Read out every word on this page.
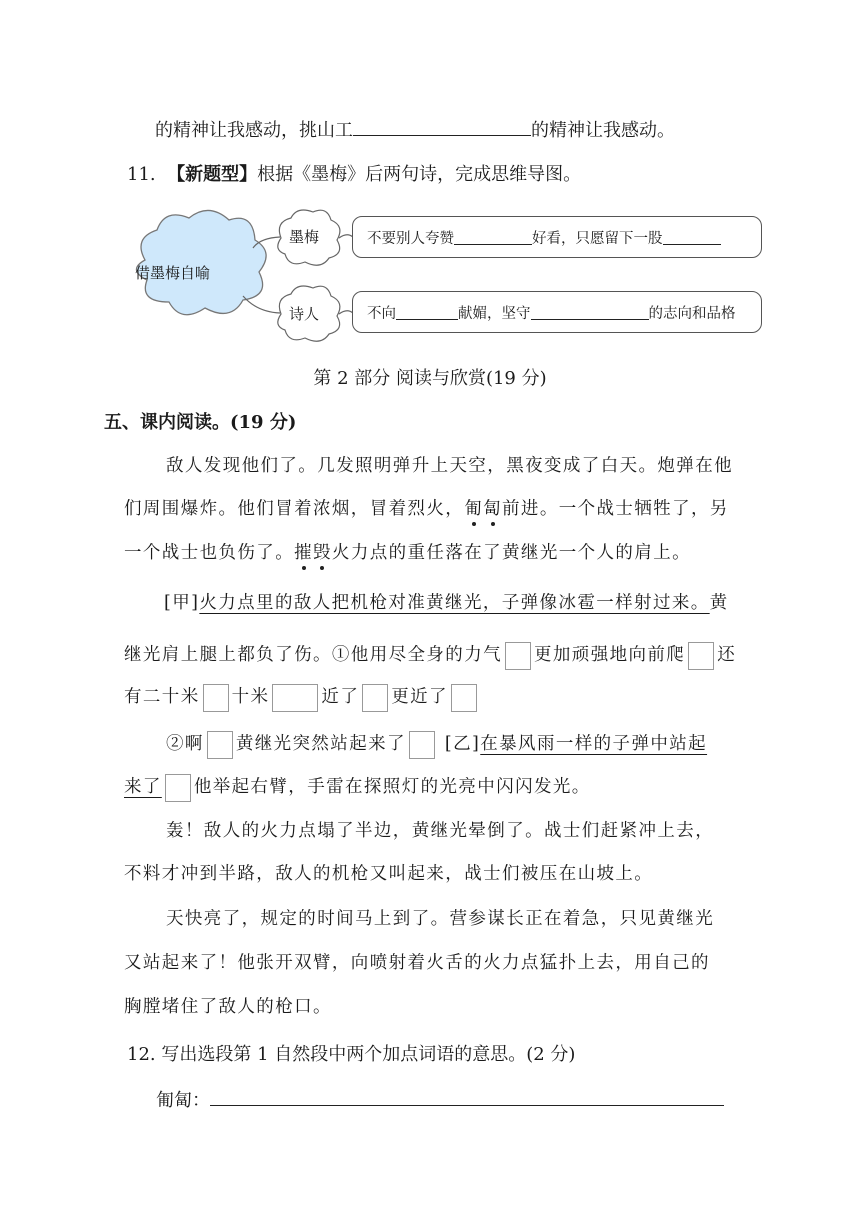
的精神让我感动，挑山工	的精神让我感动。
11. 【新题型】根据《墨梅》后两句诗，完成思维导图。
借墨梅自喻
墨梅
诗人
不要别人夸赞	好看，只愿留下一股
不向	献媚，坚守	的志向和品格
第 2 部分 阅读与欣赏(19 分)
五、课内阅读。(19 分)
敌人发现他们了。几发照明弹升上天空，黑夜变成了白天。炮弹在他
们周围爆炸。他们冒着浓烟，冒着烈火，匍匐前进。一个战士牺牲了，另
一个战士也负伤了。摧毁火力点的重任落在了黄继光一个人的肩上。
[甲]火力点里的敌人把机枪对准黄继光，子弹像冰雹一样射过来。黄
继光肩上腿上都负了伤。①他用尽全身的力气 更加顽强地向前爬 还
有二十米 十米	近了 更近了
②啊 黄继光突然站起来了 [乙]在暴风雨一样的子弹中站起
来了 他举起右臂，手雷在探照灯的光亮中闪闪发光。
轰！敌人的火力点塌了半边，黄继光晕倒了。战士们赶紧冲上去，
不料才冲到半路，敌人的机枪又叫起来，战士们被压在山坡上。
天快亮了，规定的时间马上到了。营参谋长正在着急，只见黄继光
又站起来了！他张开双臂，向喷射着火舌的火力点猛扑上去，用自己的
胸膛堵住了敌人的枪口。
12. 写出选段第 1 自然段中两个加点词语的意思。(2 分)
匍匐：
